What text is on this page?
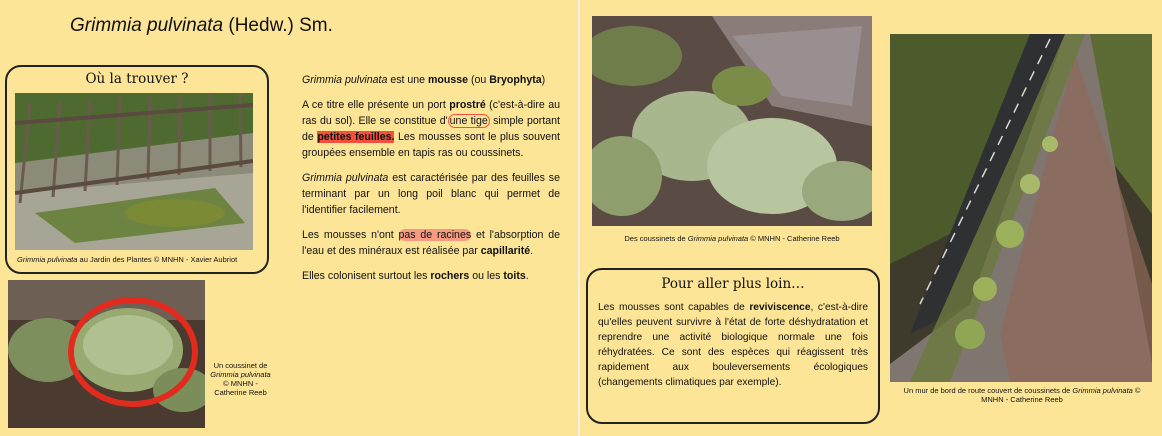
Grimmia pulvinata (Hedw.) Sm.
Où la trouver ?
Grimmia pulvinata au Jardin des Plantes © MNHN - Xavier Aubriot
Un coussinet de
Grimmia pulvinata
© MNHN -
Catherine Reeb

Grimmia pulvinata est une mousse (ou Bryophyta)

A ce titre elle présente un port prostré (c'est-à-dire au ras du sol). Elle se constitue d' une tige simple portant de petites feuilles. Les mousses sont le plus souvent groupées ensemble en tapis ras ou coussinets.

Grimmia pulvinata est caractérisée par des feuilles se terminant par un long poil blanc qui permet de l'identifier facilement.

Les mousses n'ont pas de racines et l'absorption de l'eau et des minéraux est réalisée par capillarité.

Elles colonisent surtout les rochers ou les toits.

Des coussinets de Grimmia pulvinata © MNHN - Catherine Reeb
Pour aller plus loin…
Les mousses sont capables de reviviscence, c'est-à-dire qu'elles peuvent survivre à l'état de forte déshydratation et reprendre une activité biologique normale une fois réhydratées. Ce sont des espèces qui réagissent très rapidement aux bouleversements écologiques (changements climatiques par exemple).
Un mur de bord de route couvert de coussinets de Grimmia pulvinata © MNHN - Catherine Reeb
